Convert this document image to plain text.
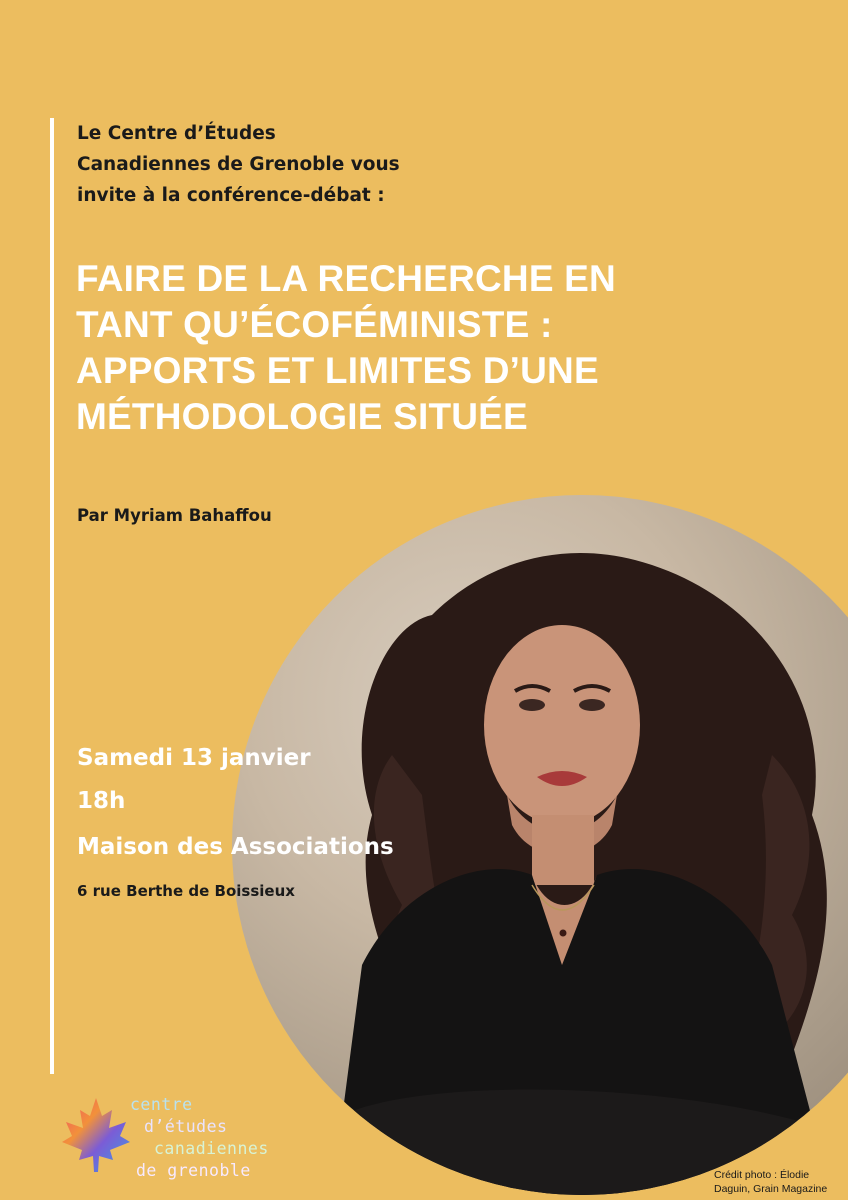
Le Centre d’Études
Canadiennes de Grenoble vous
invite à la conférence-débat :
FAIRE DE LA RECHERCHE EN
TANT QU’ÉCOFÉMINISTE :
APPORTS ET LIMITES D’UNE
MÉTHODOLOGIE SITUÉE
Par Myriam Bahaffou
Samedi 13 janvier
18h
Maison des Associations
6 rue Berthe de Boissieux
centre
d’études
canadiennes
de grenoble	Crédit photo : Élodie
Daguin, Grain Magazine
